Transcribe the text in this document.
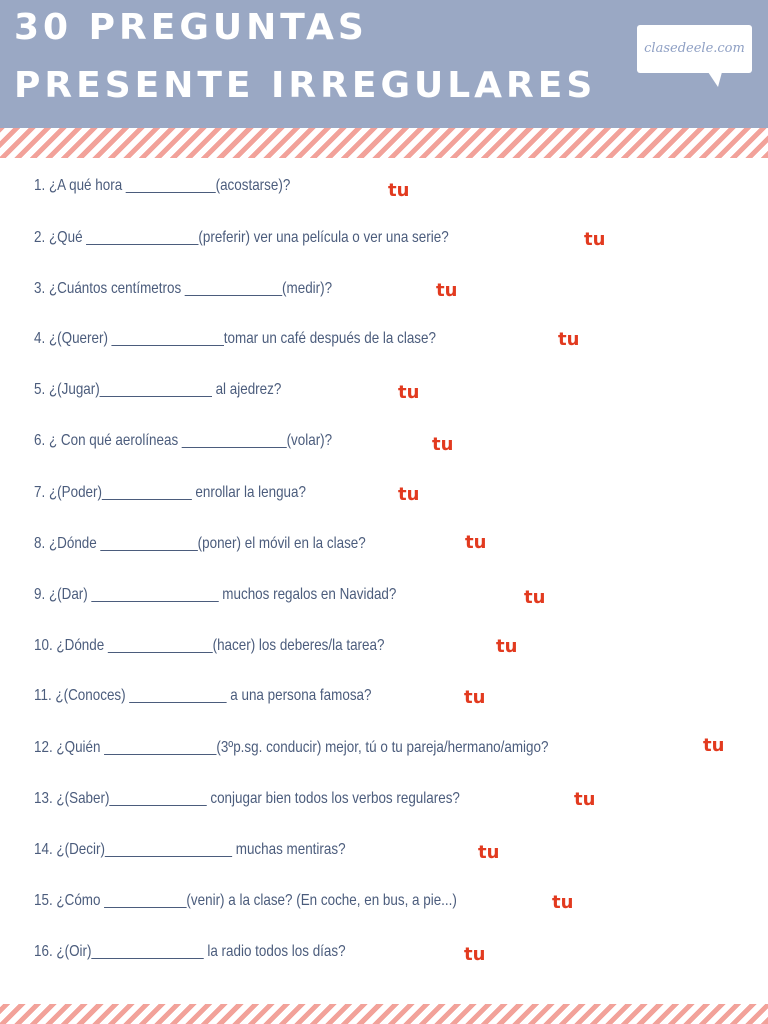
30 PREGUNTAS
PRESENTE IRREGULARES
clasedeele.com
1. ¿A qué hora ____________(acostarse)?	tu
2. ¿Qué _______________(preferir) ver una película o ver una serie?	tu
3. ¿Cuántos centímetros _____________(medir)?	tu
4. ¿(Querer) _______________tomar un café después de la clase?	tu
5. ¿(Jugar)_______________ al ajedrez?	tu
6. ¿ Con qué aerolíneas ______________(volar)?	tu
7. ¿(Poder)____________ enrollar la lengua?	tu
8. ¿Dónde _____________(poner) el móvil en la clase?	tu
9. ¿(Dar) _________________ muchos regalos en Navidad?	tu
10. ¿Dónde ______________(hacer) los deberes/la tarea?	tu
11. ¿(Conoces) _____________ a una persona famosa?	tu
12. ¿Quién _______________(3ºp.sg. conducir) mejor, tú o tu pareja/hermano/amigo?	tu
13. ¿(Saber)_____________ conjugar bien todos los verbos regulares?	tu
14. ¿(Decir)_________________ muchas mentiras?	tu
15. ¿Cómo ___________(venir) a la clase? (En coche, en bus, a pie...)	tu
16. ¿(Oir)_______________ la radio todos los días?	tu
